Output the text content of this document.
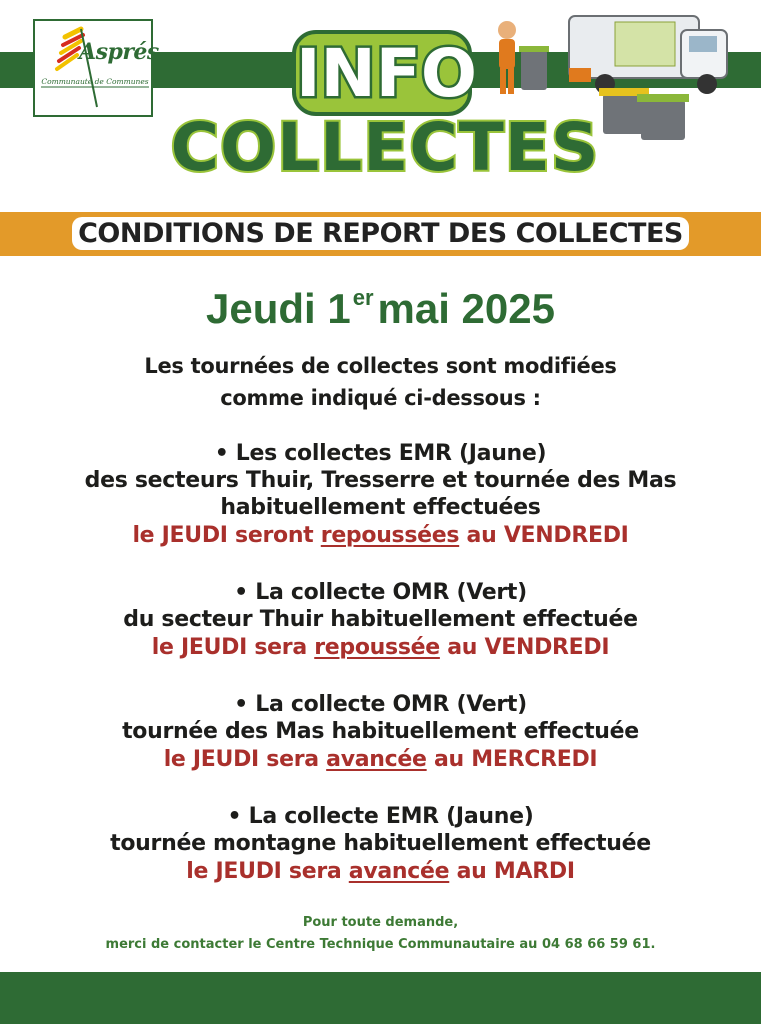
Asprés
Communauté de Communes INFO
COLLECTES
CONDITIONS DE REPORT DES COLLECTES
Jeudi 1ermai 2025
Les tournées de collectes sont modifiées
comme indiqué ci-dessous :
• Les collectes EMR (Jaune)
des secteurs Thuir, Tresserre et tournée des Mas
habituellement effectuées
le JEUDI seront repoussées au VENDREDI
• La collecte OMR (Vert)
du secteur Thuir habituellement effectuée
le JEUDI sera repoussée au VENDREDI
• La collecte OMR (Vert)
tournée des Mas habituellement effectuée
le JEUDI sera avancée au MERCREDI
• La collecte EMR (Jaune)
tournée montagne habituellement effectuée
le JEUDI sera avancée au MARDI
Pour toute demande,
merci de contacter le Centre Technique Communautaire au 04 68 66 59 61.
